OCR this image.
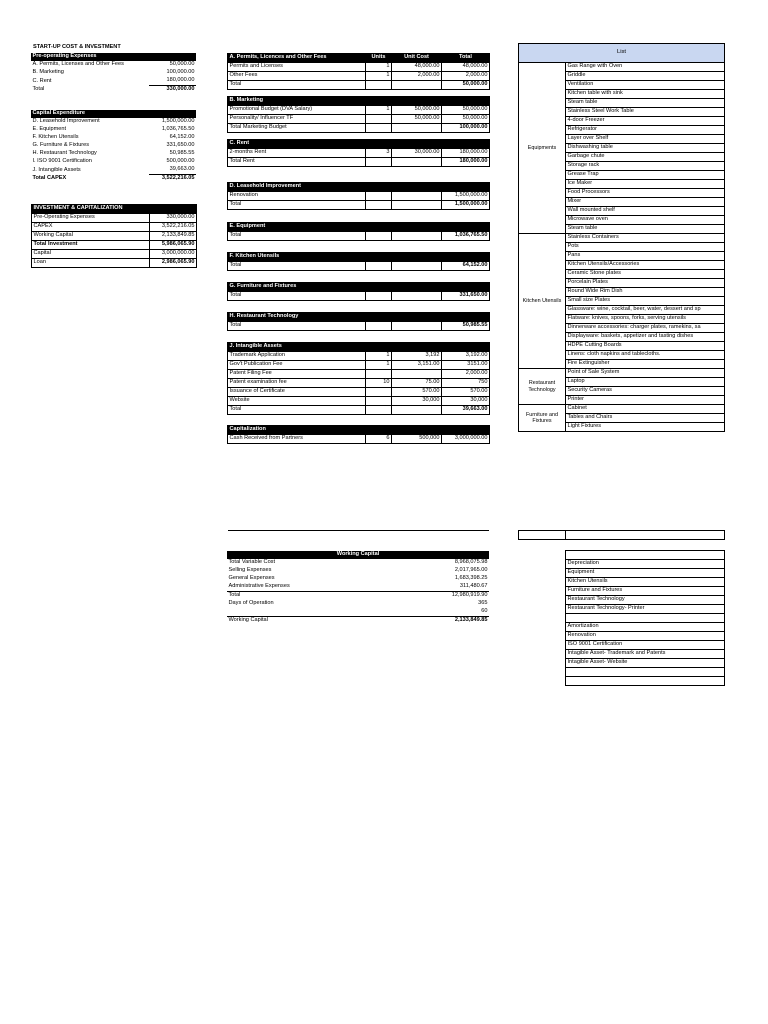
START-UP COST & INVESTMENT
Pre-operating Expenses	
A. Permits, Licenses and Other Fees	50,000.00
B. Marketing	100,000.00
C. Rent	180,000.00
Total	330,000.00
Capital Expenditure	
D. Leasehold Improvement	1,500,000.00
E. Equipment	1,036,765.50
F. Kitchen Utensils	64,152.00
G. Furniture & Fixtures	331,650.00
H. Restaurant Technology	50,985.55
I. ISO 9001 Certification	500,000.00
J. Intangible Assets	39,663.00
Total CAPEX	3,522,216.05
INVESTMENT & CAPITALIZATION	
Pre-Operating Expenses	330,000.00
CAPEX	3,522,216.05
Working Capital	2,133,849.85
Total Investment	5,986,065.90
Capital	3,000,000.00
Loan	2,986,065.90
A. Permits, Licences and Other Fees	Units	Unit Cost	Total
Permits and Licenses	1	48,000.00	48,000.00
Other Fees	1	2,000.00	2,000.00
Total			50,000.00

B. Marketing			
Promotional Budget (DVA Salary)	1	50,000.00	50,000.00
Personality/ Influencer TF		50,000.00	50,000.00
Total Marketing Budget			100,000.00

C. Rent			
2-months Rent	3	30,000.00	180,000.00
Total Rent			180,000.00

D. Leasehold Improvement			
Renovation			1,500,000.00
Total			1,500,000.00

E. Equipment			
Total			1,036,765.50

F. Kitchen Utensils			
Total			64,152.00

G. Furniture and Fixtures			
Total			331,650.00

H. Restaurant Technology			
Total			50,985.55

J. Intangible Assets			
Trademark Application	1	3,192	3,192.00
Gov't Publication Fee	1	3,151.00	3151.00
Patent Filing Fee			2,000.00
Patent examination fee	10	75.00	750
Issuance of Certificate		570.00	570.00
Website		30,000	30,000
Total			39,663.00

Capitalization			
Cash Received from Partners	6	500,000	3,000,000.00
Working Capital	
Total Variable Cost	8,968,075.98
Selling Expenses	2,017,965.00
General Expenses	1,683,398.25
Administrative Expenses	311,480.67
Total	12,980,919.90
Days of Operation	365
	60
Working Capital	2,133,849.85
List	
Equipments	Gas Range with Oven
	Griddle
	Ventilation
	Kitchen table with sink
	Steam table
	Stainless Steel Work Table
	4-door Freezer
	Refrigerator
	Layer over Shelf
	Dishwashing table
	Garbage chute
	Storage rack
	Grease Trap
	Ice Maker
	Food Processors
	Mixer
	Wall mounted shelf
	Microwave oven
	Steam table
Kitchen Utensils	Stainless Containers
	Pots
	Pans
	Kitchen Utensils/Accessories
	Ceramic Stone plates
	Porcelain Plates
	Round Wide Rim Dish
	Small size Plates
	Glassware: wine, cocktail, beer, water, dessert and sp
	Flatware: knives, spoons, forks, serving utensils
	Dinnerware accessories: charger plates, ramekins, sa
	Displayware: baskets, appetizer and tasting dishes
	HDPE Cutting Boards
	Linens: cloth napkins and tablecloths.
	Fire Extinguisher
Restaurant Technology	Point of Sale System
	Laptop
	Security Cameras
	Printer
Furniture and Fixtures	Cabinet
	Tables and Chairs
	Light Fixtures

Depreciation
Equipment
Kitchen Utensils
Furniture and Fixtures
Restaurant Technology
Restaurant Technology- Printer

Amortization
Renovation
ISO 9001 Certification
Intagible Asset- Trademark and Patents
Intagible Asset- Website
